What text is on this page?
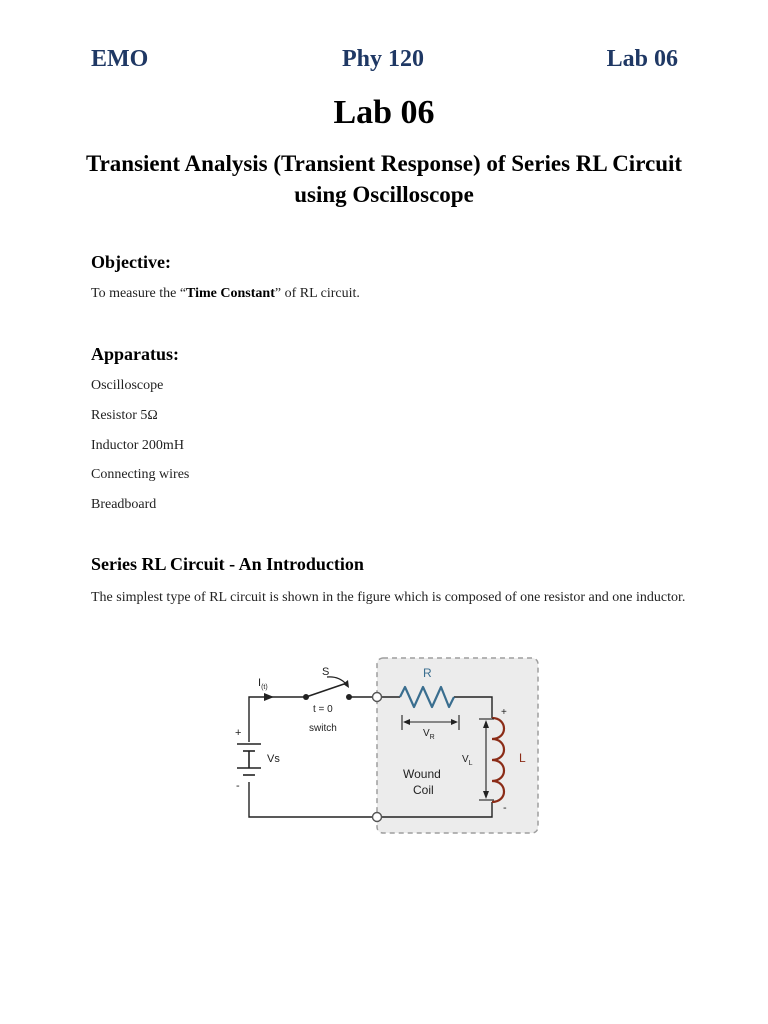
EMO	Phy 120	Lab 06
Lab 06
Transient Analysis (Transient Response) of Series RL Circuit using Oscilloscope
Objective:
To measure the “Time Constant” of RL circuit.
Apparatus:
Oscilloscope
Resistor 5Ω
Inductor 200mH
Connecting wires
Breadboard
Series RL Circuit - An Introduction
The simplest type of RL circuit is shown in the figure which is composed of one resistor and one inductor.
$I_{(t)}$
S
t = 0
switch
+
-
Vs
R
$V_R$
$V_L$
+
-
L
Wound
Coil
